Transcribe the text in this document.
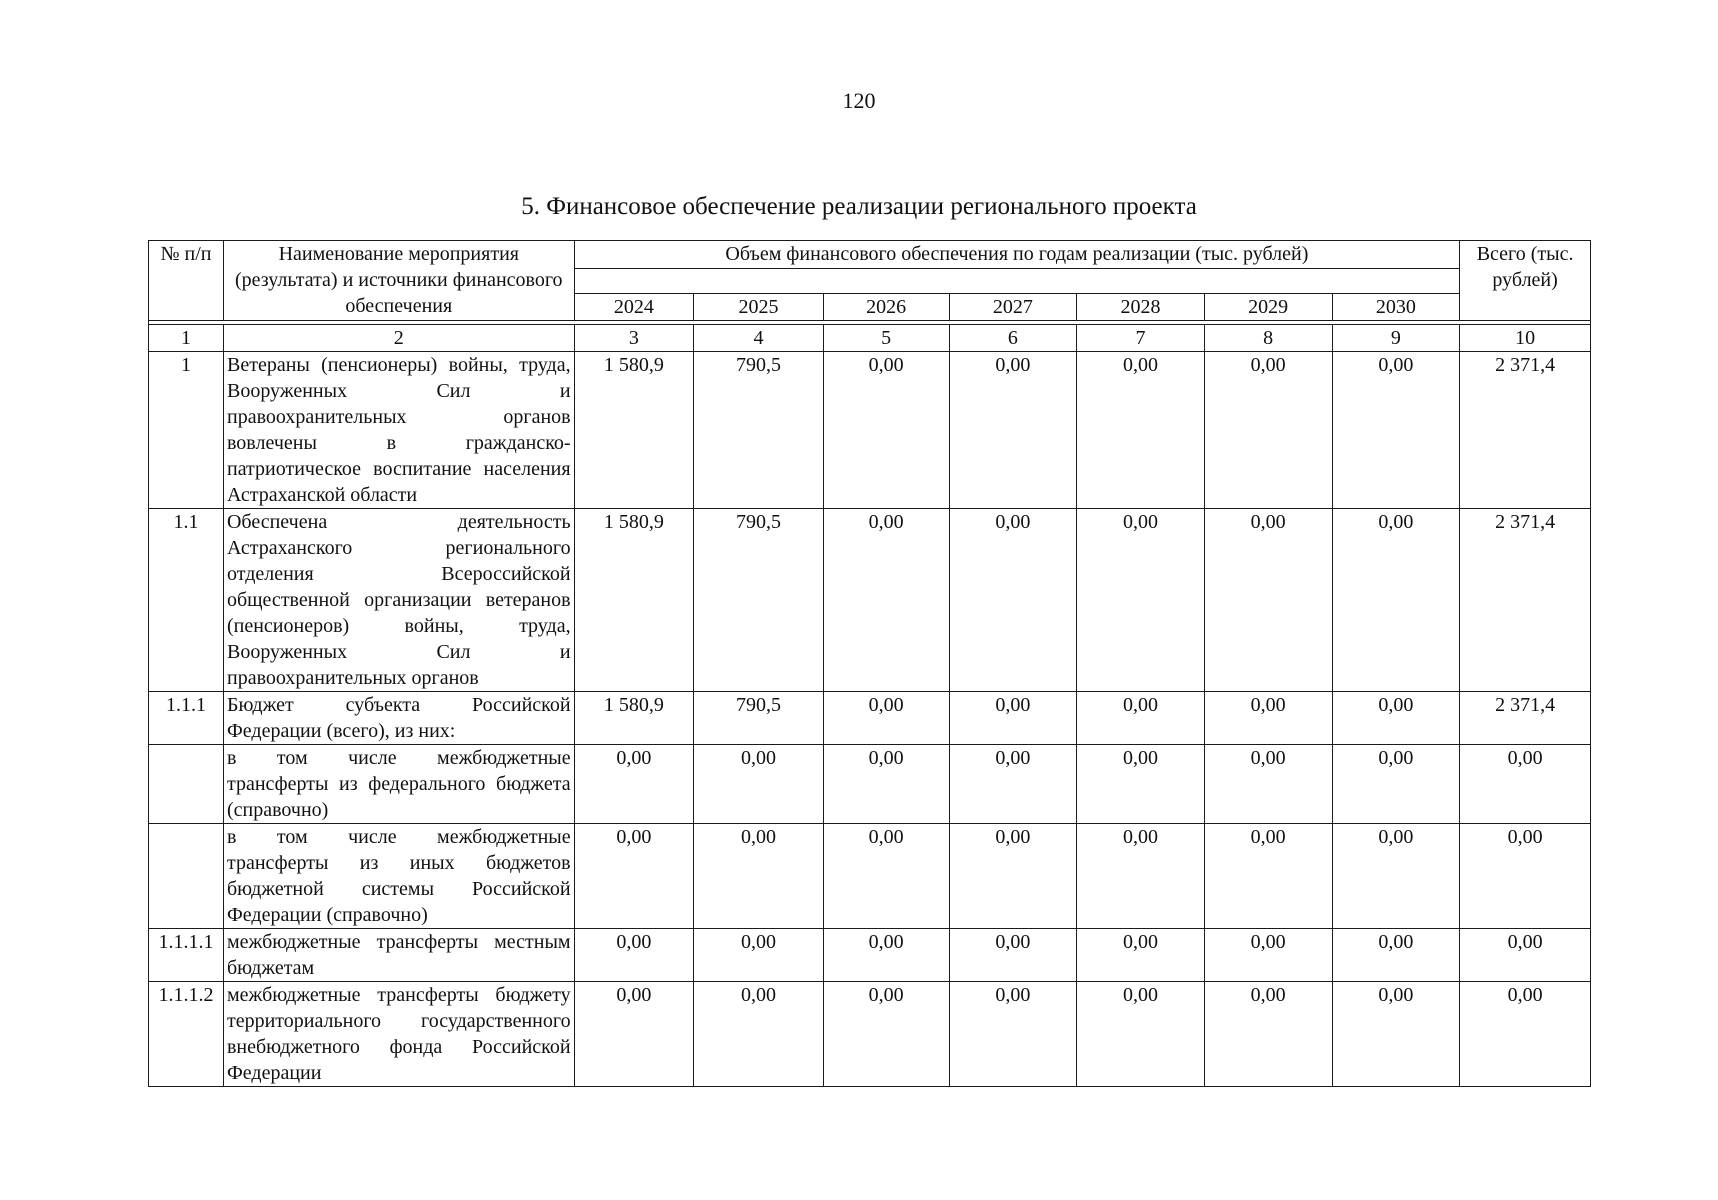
120
5. Финансовое обеспечение реализации регионального проекта
№ п/п	Наименование мероприятия (результата) и источники финансового обеспечения	Объем финансового обеспечения по годам реализации (тыс. рублей)							Всего (тыс. рублей)

		2024	2025	2026	2027	2028	2029	2030	

1	2	3	4	5	6	7	8	9	10
1	Ветераны (пенсионеры) войны, труда, Вооруженных Сил и правоохранительных органов вовлечены в гражданско-патриотическое воспитание населения Астраханской области	1 580,9	790,5	0,00	0,00	0,00	0,00	0,00	2 371,4
1.1	Обеспечена деятельность Астраханского регионального отделения Всероссийской общественной организации ветеранов (пенсионеров) войны, труда, Вооруженных Сил и правоохранительных органов	1 580,9	790,5	0,00	0,00	0,00	0,00	0,00	2 371,4
1.1.1	Бюджет субъекта Российской Федерации (всего), из них:	1 580,9	790,5	0,00	0,00	0,00	0,00	0,00	2 371,4
	в том числе межбюджетные трансферты из федерального бюджета (справочно)	0,00	0,00	0,00	0,00	0,00	0,00	0,00	0,00
	в том числе межбюджетные трансферты из иных бюджетов бюджетной системы Российской Федерации (справочно)	0,00	0,00	0,00	0,00	0,00	0,00	0,00	0,00
1.1.1.1	межбюджетные трансферты местным бюджетам	0,00	0,00	0,00	0,00	0,00	0,00	0,00	0,00
1.1.1.2	межбюджетные трансферты бюджету территориального государственного внебюджетного фонда Российской Федерации	0,00	0,00	0,00	0,00	0,00	0,00	0,00	0,00
